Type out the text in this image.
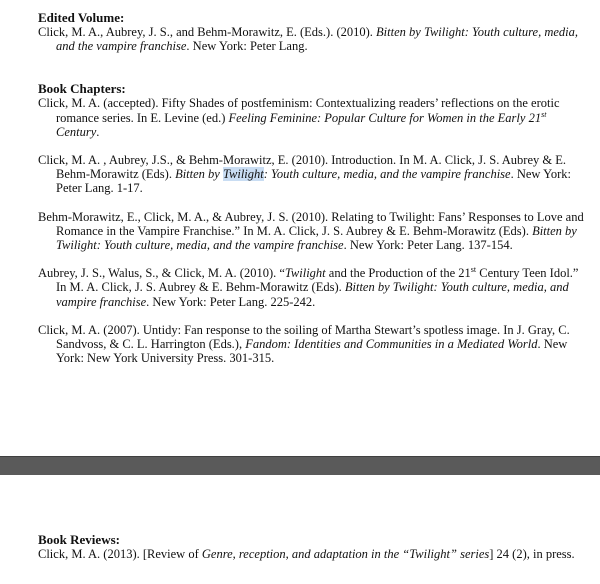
Edited Volume:

Click, M. A., Aubrey, J. S., and Behm-Morawitz, E. (Eds.). (2010). Bitten by Twilight: Youth culture, media, and the vampire franchise. New York: Peter Lang.

Book Chapters:

Click, M. A. (accepted). Fifty Shades of postfeminism: Contextualizing readers’ reflections on the erotic romance series. In E. Levine (ed.) Feeling Feminine: Popular Culture for Women in the Early 21st Century.

Click, M. A. , Aubrey, J.S., & Behm-Morawitz, E. (2010). Introduction. In M. A. Click, J. S. Aubrey & E. Behm-Morawitz (Eds). Bitten by Twilight: Youth culture, media, and the vampire franchise. New York: Peter Lang. 1-17.

Behm-Morawitz, E., Click, M. A., & Aubrey, J. S. (2010). Relating to Twilight: Fans’ Responses to Love and Romance in the Vampire Franchise.” In M. A. Click, J. S. Aubrey & E. Behm-Morawitz (Eds). Bitten by Twilight: Youth culture, media, and the vampire franchise. New York: Peter Lang. 137-154.

Aubrey, J. S., Walus, S., & Click, M. A. (2010). “Twilight and the Production of the 21st Century Teen Idol.” In M. A. Click, J. S. Aubrey & E. Behm-Morawitz (Eds). Bitten by Twilight: Youth culture, media, and vampire franchise. New York: Peter Lang. 225-242.

Click, M. A. (2007). Untidy: Fan response to the soiling of Martha Stewart’s spotless image. In J. Gray, C. Sandvoss, & C. L. Harrington (Eds.), Fandom: Identities and Communities in a Mediated World. New York: New York University Press. 301-315.

Book Reviews:

Click, M. A. (2013). [Review of Genre, reception, and adaptation in the “Twilight” series] 24 (2), in press.
